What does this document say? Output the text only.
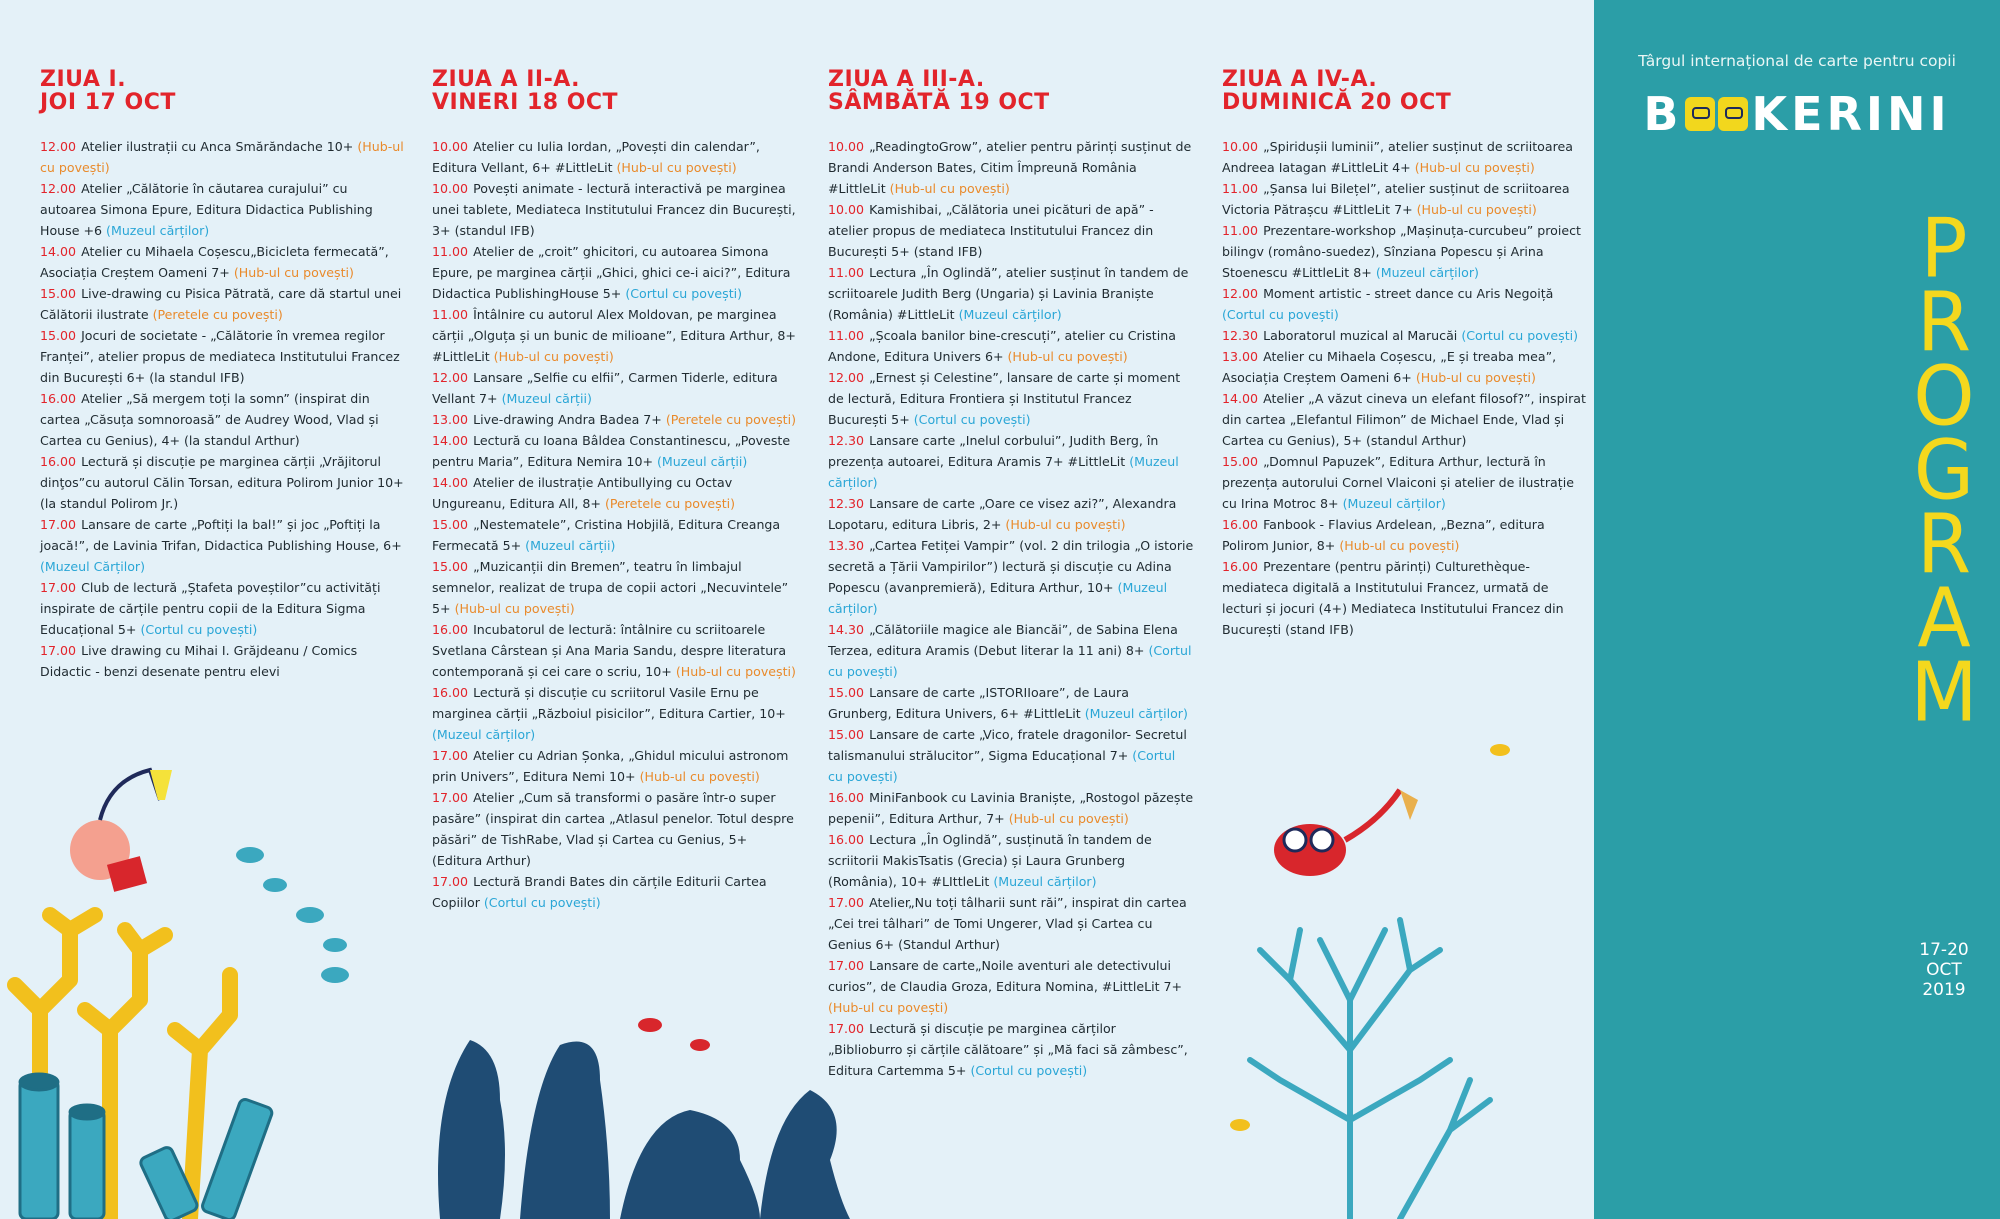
ZIUA I.
JOI 17 OCT

12.00 Atelier ilustrații cu Anca Smărăndache 10+ (Hub-ul cu povești)

12.00 Atelier „Călătorie în căutarea curajului” cu autoarea Simona Epure, Editura Didactica Publishing House +6 (Muzeul cărților)

14.00 Atelier cu Mihaela Coșescu„Bicicleta fermecată”, Asociația Creștem Oameni 7+ (Hub-ul cu povești)

15.00 Live-drawing cu Pisica Pătrată, care dă startul unei Călătorii ilustrate (Peretele cu povești)

15.00 Jocuri de societate - „Călătorie în vremea regilor Franței”, atelier propus de mediateca Institutului Francez din București 6+ (la standul IFB)

16.00 Atelier „Să mergem toți la somn” (inspirat din cartea „Căsuța somnoroasă” de Audrey Wood, Vlad și Cartea cu Genius), 4+ (la standul Arthur)

16.00 Lectură și discuție pe marginea cărții „Vrăjitorul dinţos”cu autorul Călin Torsan, editura Polirom Junior 10+ (la standul Polirom Jr.)

17.00 Lansare de carte „Poftiți la bal!” și joc „Poftiți la joacă!”, de Lavinia Trifan, Didactica Publishing House, 6+ (Muzeul Cărților)

17.00 Club de lectură „Ștafeta poveștilor”cu activități inspirate de cărțile pentru copii de la Editura Sigma Educațional 5+ (Cortul cu povești)

17.00 Live drawing cu Mihai I. Grăjdeanu / Comics Didactic - benzi desenate pentru elevi

ZIUA A II-A.
VINERI 18 OCT

10.00 Atelier cu Iulia Iordan, „Povești din calendar”, Editura Vellant, 6+ #LittleLit (Hub-ul cu povești)

10.00 Povești animate - lectură interactivă pe marginea unei tablete, Mediateca Institutului Francez din București, 3+ (standul IFB)

11.00 Atelier de „croit” ghicitori, cu autoarea Simona Epure, pe marginea cărții „Ghici, ghici ce-i aici?”, Editura Didactica PublishingHouse 5+ (Cortul cu povești)

11.00 Întâlnire cu autorul Alex Moldovan, pe marginea cărții „Olguța și un bunic de milioane”, Editura Arthur, 8+ #LittleLit (Hub-ul cu povești)

12.00 Lansare „Selfie cu elfii”, Carmen Tiderle, editura Vellant 7+ (Muzeul cărții)

13.00 Live-drawing Andra Badea 7+ (Peretele cu povești)

14.00 Lectură cu Ioana Bâldea Constantinescu, „Poveste pentru Maria”, Editura Nemira 10+ (Muzeul cărții)

14.00 Atelier de ilustrație Antibullying cu Octav Ungureanu, Editura All, 8+ (Peretele cu povești)

15.00 „Nestematele”, Cristina Hobjilă, Editura Creanga Fermecată 5+ (Muzeul cărții)

15.00 „Muzicanții din Bremen”, teatru în limbajul semnelor, realizat de trupa de copii actori „Necuvintele” 5+ (Hub-ul cu povești)

16.00 Incubatorul de lectură: întâlnire cu scriitoarele Svetlana Cârstean și Ana Maria Sandu, despre literatura contemporană și cei care o scriu, 10+ (Hub-ul cu povești)

16.00 Lectură și discuție cu scriitorul Vasile Ernu pe marginea cărții „Războiul pisicilor”, Editura Cartier, 10+ (Muzeul cărților)

17.00 Atelier cu Adrian Șonka, „Ghidul micului astronom prin Univers”, Editura Nemi 10+ (Hub-ul cu povești)

17.00 Atelier „Cum să transformi o pasăre într-o super pasăre” (inspirat din cartea „Atlasul penelor. Totul despre păsări” de TishRabe, Vlad și Cartea cu Genius, 5+ (Editura Arthur)

17.00 Lectură Brandi Bates din cărțile Editurii Cartea Copiilor (Cortul cu povești)

ZIUA A III-A.
SÂMBĂTĂ 19 OCT

10.00 „ReadingtoGrow”, atelier pentru părinți susținut de Brandi Anderson Bates, Citim Împreună România #LittleLit (Hub-ul cu povești)

10.00 Kamishibai, „Călătoria unei picături de apă” - atelier propus de mediateca Institutului Francez din București 5+ (stand IFB)

11.00 Lectura „În Oglindă”, atelier susținut în tandem de scriitoarele Judith Berg (Ungaria) și Lavinia Braniște (România) #LittleLit (Muzeul cărților)

11.00 „Școala banilor bine-crescuți”, atelier cu Cristina Andone, Editura Univers 6+ (Hub-ul cu povești)

12.00 „Ernest și Celestine”, lansare de carte și moment de lectură, Editura Frontiera și Institutul Francez București 5+ (Cortul cu povești)

12.30 Lansare carte „Inelul corbului”, Judith Berg, în prezența autoarei, Editura Aramis 7+ #LittleLit (Muzeul cărților)

12.30 Lansare de carte „Oare ce visez azi?”, Alexandra Lopotaru, editura Libris, 2+ (Hub-ul cu povești)

13.30 „Cartea Fetiței Vampir” (vol. 2 din trilogia „O istorie secretă a Țării Vampirilor”) lectură și discuție cu Adina Popescu (avanpremieră), Editura Arthur, 10+ (Muzeul cărților)

14.30 „Călătoriile magice ale Biancăi”, de Sabina Elena Terzea, editura Aramis (Debut literar la 11 ani) 8+ (Cortul cu povești)

15.00 Lansare de carte „ISTORIIoare”, de Laura Grunberg, Editura Univers, 6+ #LittleLit (Muzeul cărților)

15.00 Lansare de carte „Vico, fratele dragonilor- Secretul talismanului strălucitor”, Sigma Educațional 7+ (Cortul cu povești)

16.00 MiniFanbook cu Lavinia Braniște, „Rostogol păzește pepenii”, Editura Arthur, 7+ (Hub-ul cu povești)

16.00 Lectura „În Oglindă”, susținută în tandem de scriitorii MakisTsatis (Grecia) și Laura Grunberg (România), 10+ #LIttleLit (Muzeul cărților)

17.00 Atelier„Nu toți tâlharii sunt răi”, inspirat din cartea „Cei trei tâlhari” de Tomi Ungerer, Vlad și Cartea cu Genius 6+ (Standul Arthur)

17.00 Lansare de carte„Noile aventuri ale detectivului curios”, de Claudia Groza, Editura Nomina, #LittleLit 7+ (Hub-ul cu povești)

17.00 Lectură și discuție pe marginea cărților „Biblioburro și cărțile călătoare” și „Mă faci să zâmbesc”, Editura Cartemma 5+ (Cortul cu povești)

ZIUA A IV-A.
DUMINICĂ 20 OCT

10.00 „Spiridușii luminii”, atelier susținut de scriitoarea Andreea Iatagan #LittleLit 4+ (Hub-ul cu povești)

11.00 „Șansa lui Bilețel”, atelier susținut de scriitoarea Victoria Pătrașcu #LittleLit 7+ (Hub-ul cu povești)

11.00 Prezentare-workshop „Mașinuța-curcubeu” proiect bilingv (româno-suedez), Sînziana Popescu și Arina Stoenescu #LittleLit 8+ (Muzeul cărților)

12.00 Moment artistic - street dance cu Aris Negoiță (Cortul cu povești)

12.30 Laboratorul muzical al Marucăi (Cortul cu povești)

13.00 Atelier cu Mihaela Coșescu, „E și treaba mea”, Asociația Creștem Oameni 6+ (Hub-ul cu povești)

14.00 Atelier „A văzut cineva un elefant filosof?”, inspirat din cartea „Elefantul Filimon” de Michael Ende, Vlad și Cartea cu Genius), 5+ (standul Arthur)

15.00 „Domnul Papuzek”, Editura Arthur, lectură în prezența autorului Cornel Vlaiconi și atelier de ilustrație cu Irina Motroc 8+ (Muzeul cărților)

16.00 Fanbook - Flavius Ardelean, „Bezna”, editura Polirom Junior, 8+ (Hub-ul cu povești)

16.00 Prezentare (pentru părinți) Culturethèque- mediateca digitală a Institutului Francez, urmată de lecturi și jocuri (4+) Mediateca Institutului Francez din București (stand IFB)

Târgul internațional de carte pentru copii
B KERINI
P
R
O
G
R
A
M
17-20
OCT
2019
